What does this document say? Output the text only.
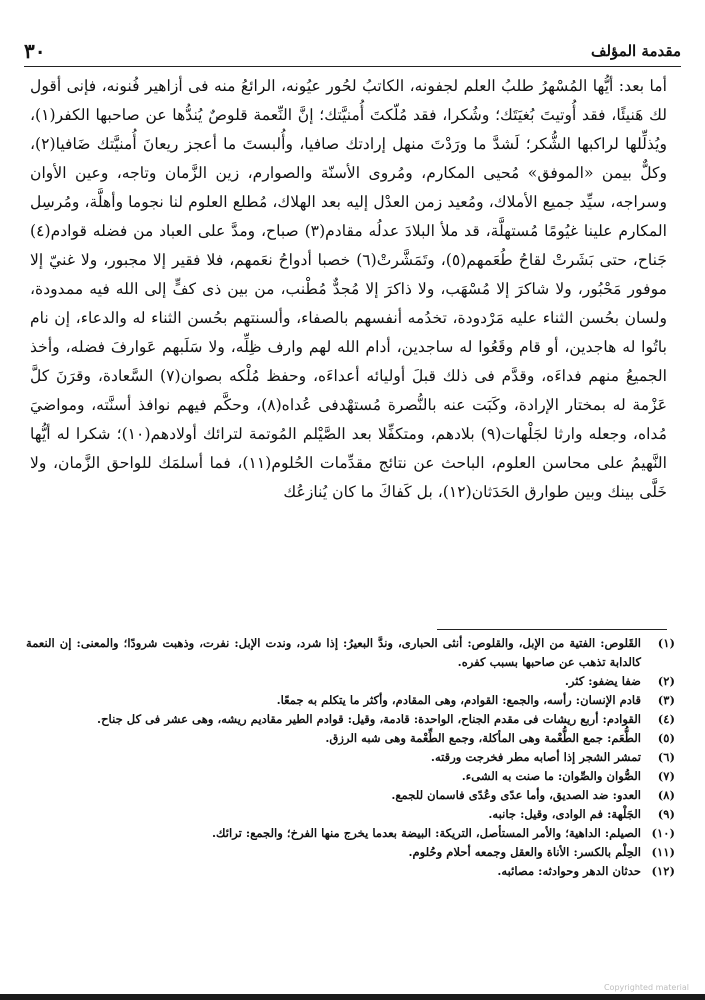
٣٠	مقدمة المؤلف

أما بعد: أيُّها المُسْهرُ طلبُ العلم لجفونه، الكاتبُ لحُور عيُونه، الرائعُ منه فى أزاهير فُنونه، فإنى أقول لك هَنيئًا، فقد أُوتيتَ بُغيَتَك؛ وشُكرا، فقد مُلّكتَ أُمنيَّتك؛ إنَّ النِّعمة قلوصٌ يُندُّها عن صاحبها الكفر(١)، ويُذلِّلها لراكبها الشُّكر؛ لَشدَّ ما ورَدْتَ منهل إرادتك صافيا، وأُلبستَ ما أعجز ريعانَ أُمنيَّتك ضَافيا(٢)، وكلٌّ بيمن «الموفق» مُحيى المكارم، ومُروى الأسنّة والصوارم، زين الزَّمان وتاجه، وعين الأوان وسراجه، سيِّد جميع الأملاك، ومُعيد زمن العدْل إليه بعد الهلاك، مُطلع العلوم لنا نجوما وأهلَّة، ومُرسِل المكارم علينا غيُومًا مُستهلَّة، قد ملأ البلادَ عدلُه مقادم(٣) صباح، ومدَّ على العباد من فضله قوادم(٤) جَناح، حتى بَشَرتْ لقاحُ طُعَمهم(٥)، وتَمَشَّرتْ(٦) خصبا أدواحُ نعَمهم، فلا فقير إلا مجبور، ولا غنيّ إلا موفور مَحْبُور، ولا شاكرَ إلا مُسْهَب، ولا ذاكرَ إلا مُجدٌّ مُطْنب، من بين ذى كفٍّ إلى الله فيه ممدودة، ولسان بحُسن الثناء عليه مَرْدودة، تخدُمه أنفسهم بالصفاء، وألسنتهم بحُسن الثناء له والدعاء، إن نام باتُوا له هاجدين، أو قام وقَعُوا له ساجدين، أدام الله لهم وارف ظِلِّه، ولا سَلَبهم عَوارفَ فضله، وأخذ الجميعُ منهم فداءَه، وقدَّم فى ذلك قبلَ أوليائه أعداءَه، وحفظ مُلْكه بصوان(٧) السَّعادة، وقرَنَ كلَّ عَزْمة له بمختار الإرادة، وكَبَت عنه بالنُّصرة مُستهْدفى عُداه(٨)، وحكَّم فيهم نوافذ أسنَّته، ومواضيَ مُداه، وجعله وارثا لجَلْهات(٩) بلادهم، ومتكفِّلا بعد الصَّيْلم المُوتمة لترائك أولادهم(١٠)؛ شكرا له أيُّها النَّهيمُ على محاسن العلوم، الباحث عن نتائج مقدِّمات الحُلوم(١١)، فما أسلمَك للواحق الزَّمان، ولا خَلَّى بينك وبين طوارق الحَدَثان(١٢)، بل كَفاكَ ما كان يُنازعُك

(١)
القَلوص: الفتية من الإبل، والقلوص: أنثى الحبارى، وندَّ البعيرُ: إذا شرد، وندت الإبل: نفرت، وذهبت شرودًا؛ والمعنى: إن النعمة كالدابة تذهب عن صاحبها بسبب كفره.
(٢)
ضفا يضفو: كثر.
(٣)
قادم الإنسان: رأسه، والجمع: القوادم، وهى المقادم، وأكثر ما يتكلم به جمعًا.
(٤)
القوادم: أربع ريشات فى مقدم الجناح، الواحدة: قادمة، وقيل: قوادم الطير مقاديم ريشه، وهى عشر فى كل جناح.
(٥)
الطُّعَم: جمع الطُّعْمة وهى المأكلة، وجمع الطِّعْمة وهى شبه الرزق.
(٦)
تمشر الشجر إذا أصابه مطر فخرجت ورقته.
(٧)
الصُّوان والصِّوان: ما صنت به الشىء.
(٨)
العدو: ضد الصديق، وأما عدًى وعُدًى فاسمان للجمع.
(٩)
الجَلْهة: فم الوادى، وقيل: جانبه.
(١٠)
الصيلم: الداهية؛ والأمر المستأصل، التريكة: البيضة بعدما يخرج منها الفرخ؛ والجمع: ترائك.
(١١)
الحِلْم بالكسر: الأناة والعقل وجمعه أحلام وحُلوم.
(١٢)
حدثان الدهر وحوادثه: مصائبه.
Copyrighted material
